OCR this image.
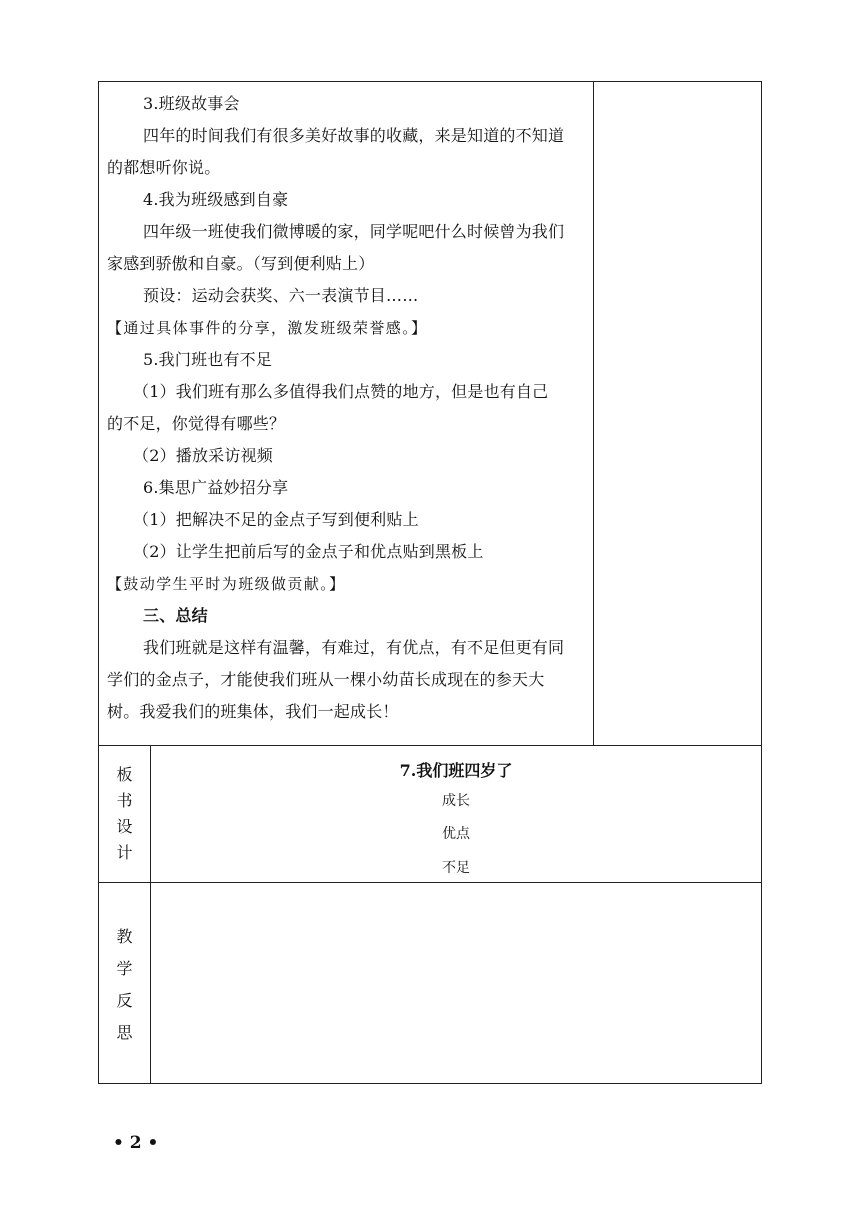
3.班级故事会
四年的时间我们有很多美好故事的收藏，来是知道的不知道
的都想听你说。
4.我为班级感到自豪
四年级一班使我们微博暖的家，同学呢吧什么时候曾为我们
家感到骄傲和自豪。（写到便利贴上）
预设：运动会获奖、六一表演节目……
【通过具体事件的分享，激发班级荣誉感。】
5.我门班也有不足
（1）我们班有那么多值得我们点赞的地方，但是也有自己
的不足，你觉得有哪些？
（2）播放采访视频
6.集思广益妙招分享
（1）把解决不足的金点子写到便利贴上
（2）让学生把前后写的金点子和优点贴到黑板上
【鼓动学生平时为班级做贡献。】
三、总结
我们班就是这样有温馨，有难过，有优点，有不足但更有同
学们的金点子，才能使我们班从一棵小幼苗长成现在的参天大
树。我爱我们的班集体，我们一起成长！
板
书
设
计
7.我们班四岁了
成长
优点
不足
教
学
反
思
• 2 •
